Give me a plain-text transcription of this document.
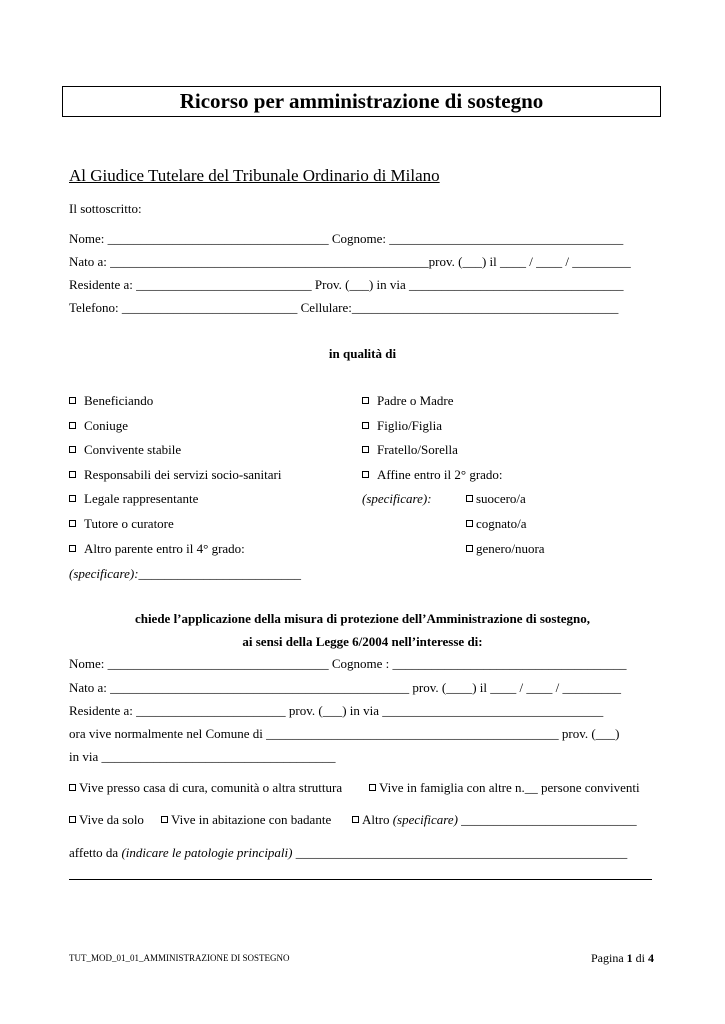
Ricorso per amministrazione di sostegno
Al Giudice Tutelare del Tribunale Ordinario di Milano
Il sottoscritto:
Nome: __________________________________ Cognome: ____________________________________
Nato a: _________________________________________________prov. (___) il ____ / ____ / _________
Residente a: ___________________________ Prov. (___) in via _________________________________
Telefono: ___________________________ Cellulare:_________________________________________
in qualità di
Beneficiando
Coniuge
Convivente stabile
Responsabili dei servizi socio-sanitari
Legale rappresentante
Tutore o curatore
Altro parente entro il 4° grado:
(specificare):_________________________
Padre o Madre
Figlio/Figlia
Fratello/Sorella
Affine entro il 2° grado:
(specificare):	suocero/a
cognato/a
genero/nuora
chiede l’applicazione della misura di protezione dell’Amministrazione di sostegno,
ai sensi della Legge 6/2004 nell’interesse di:
Nome: __________________________________ Cognome : ____________________________________
Nato a: ______________________________________________ prov. (____) il ____ / ____ / _________
Residente a: _______________________ prov. (___) in via __________________________________
ora vive normalmente nel Comune di _____________________________________________ prov. (___)
in via ____________________________________
Vive presso casa di cura, comunità o altra struttura	Vive in famiglia con altre n.__ persone conviventi
Vive da solo	Vive in abitazione con badante	Altro (specificare) ___________________________
affetto da (indicare le patologie principali) ___________________________________________________
TUT_MOD_01_01_AMMINISTRAZIONE DI SOSTEGNO	Pagina 1 di 4
